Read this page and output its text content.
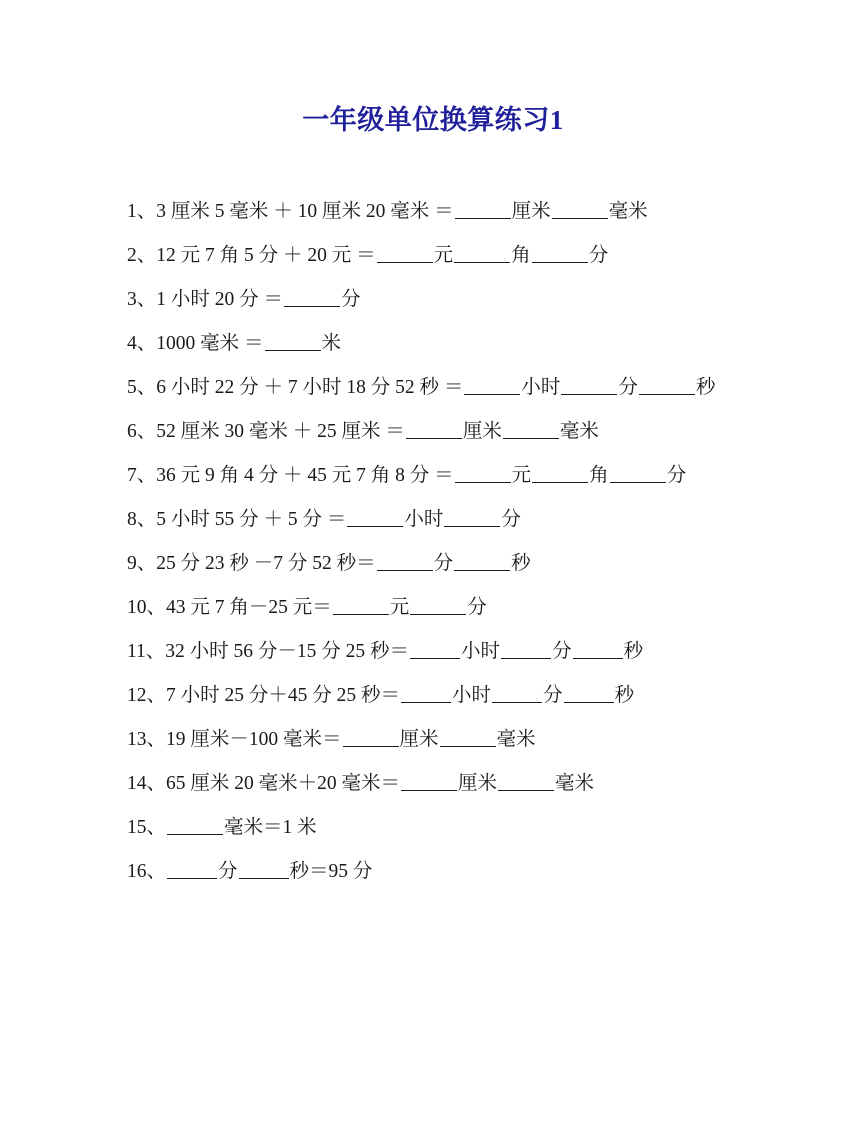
一年级单位换算练习1
1、3 厘米 5 毫米 ＋ 10 厘米 20 毫米 ＝	厘米	毫米
2、12 元 7 角 5 分 ＋ 20 元 ＝	元	角	分
3、1 小时 20 分 ＝	分
4、1000 毫米 ＝	米
5、6 小时 22 分 ＋ 7 小时 18 分 52 秒 ＝	小时	分	秒
6、52 厘米 30 毫米 ＋ 25 厘米 ＝	厘米	毫米
7、36 元 9 角 4 分 ＋ 45 元 7 角 8 分 ＝	元	角	分
8、5 小时 55 分 ＋ 5 分 ＝	小时	分
9、25 分 23 秒 －7 分 52 秒＝	分	秒
10、43 元 7 角－25 元＝	元	分
11、32 小时 56 分－15 分 25 秒＝	小时	分	秒
12、7 小时 25 分＋45 分 25 秒＝	小时	分	秒
13、19 厘米－100 毫米＝	厘米	毫米
14、65 厘米 20 毫米＋20 毫米＝	厘米	毫米
15、	毫米＝1 米
16、	分	秒＝95 分
